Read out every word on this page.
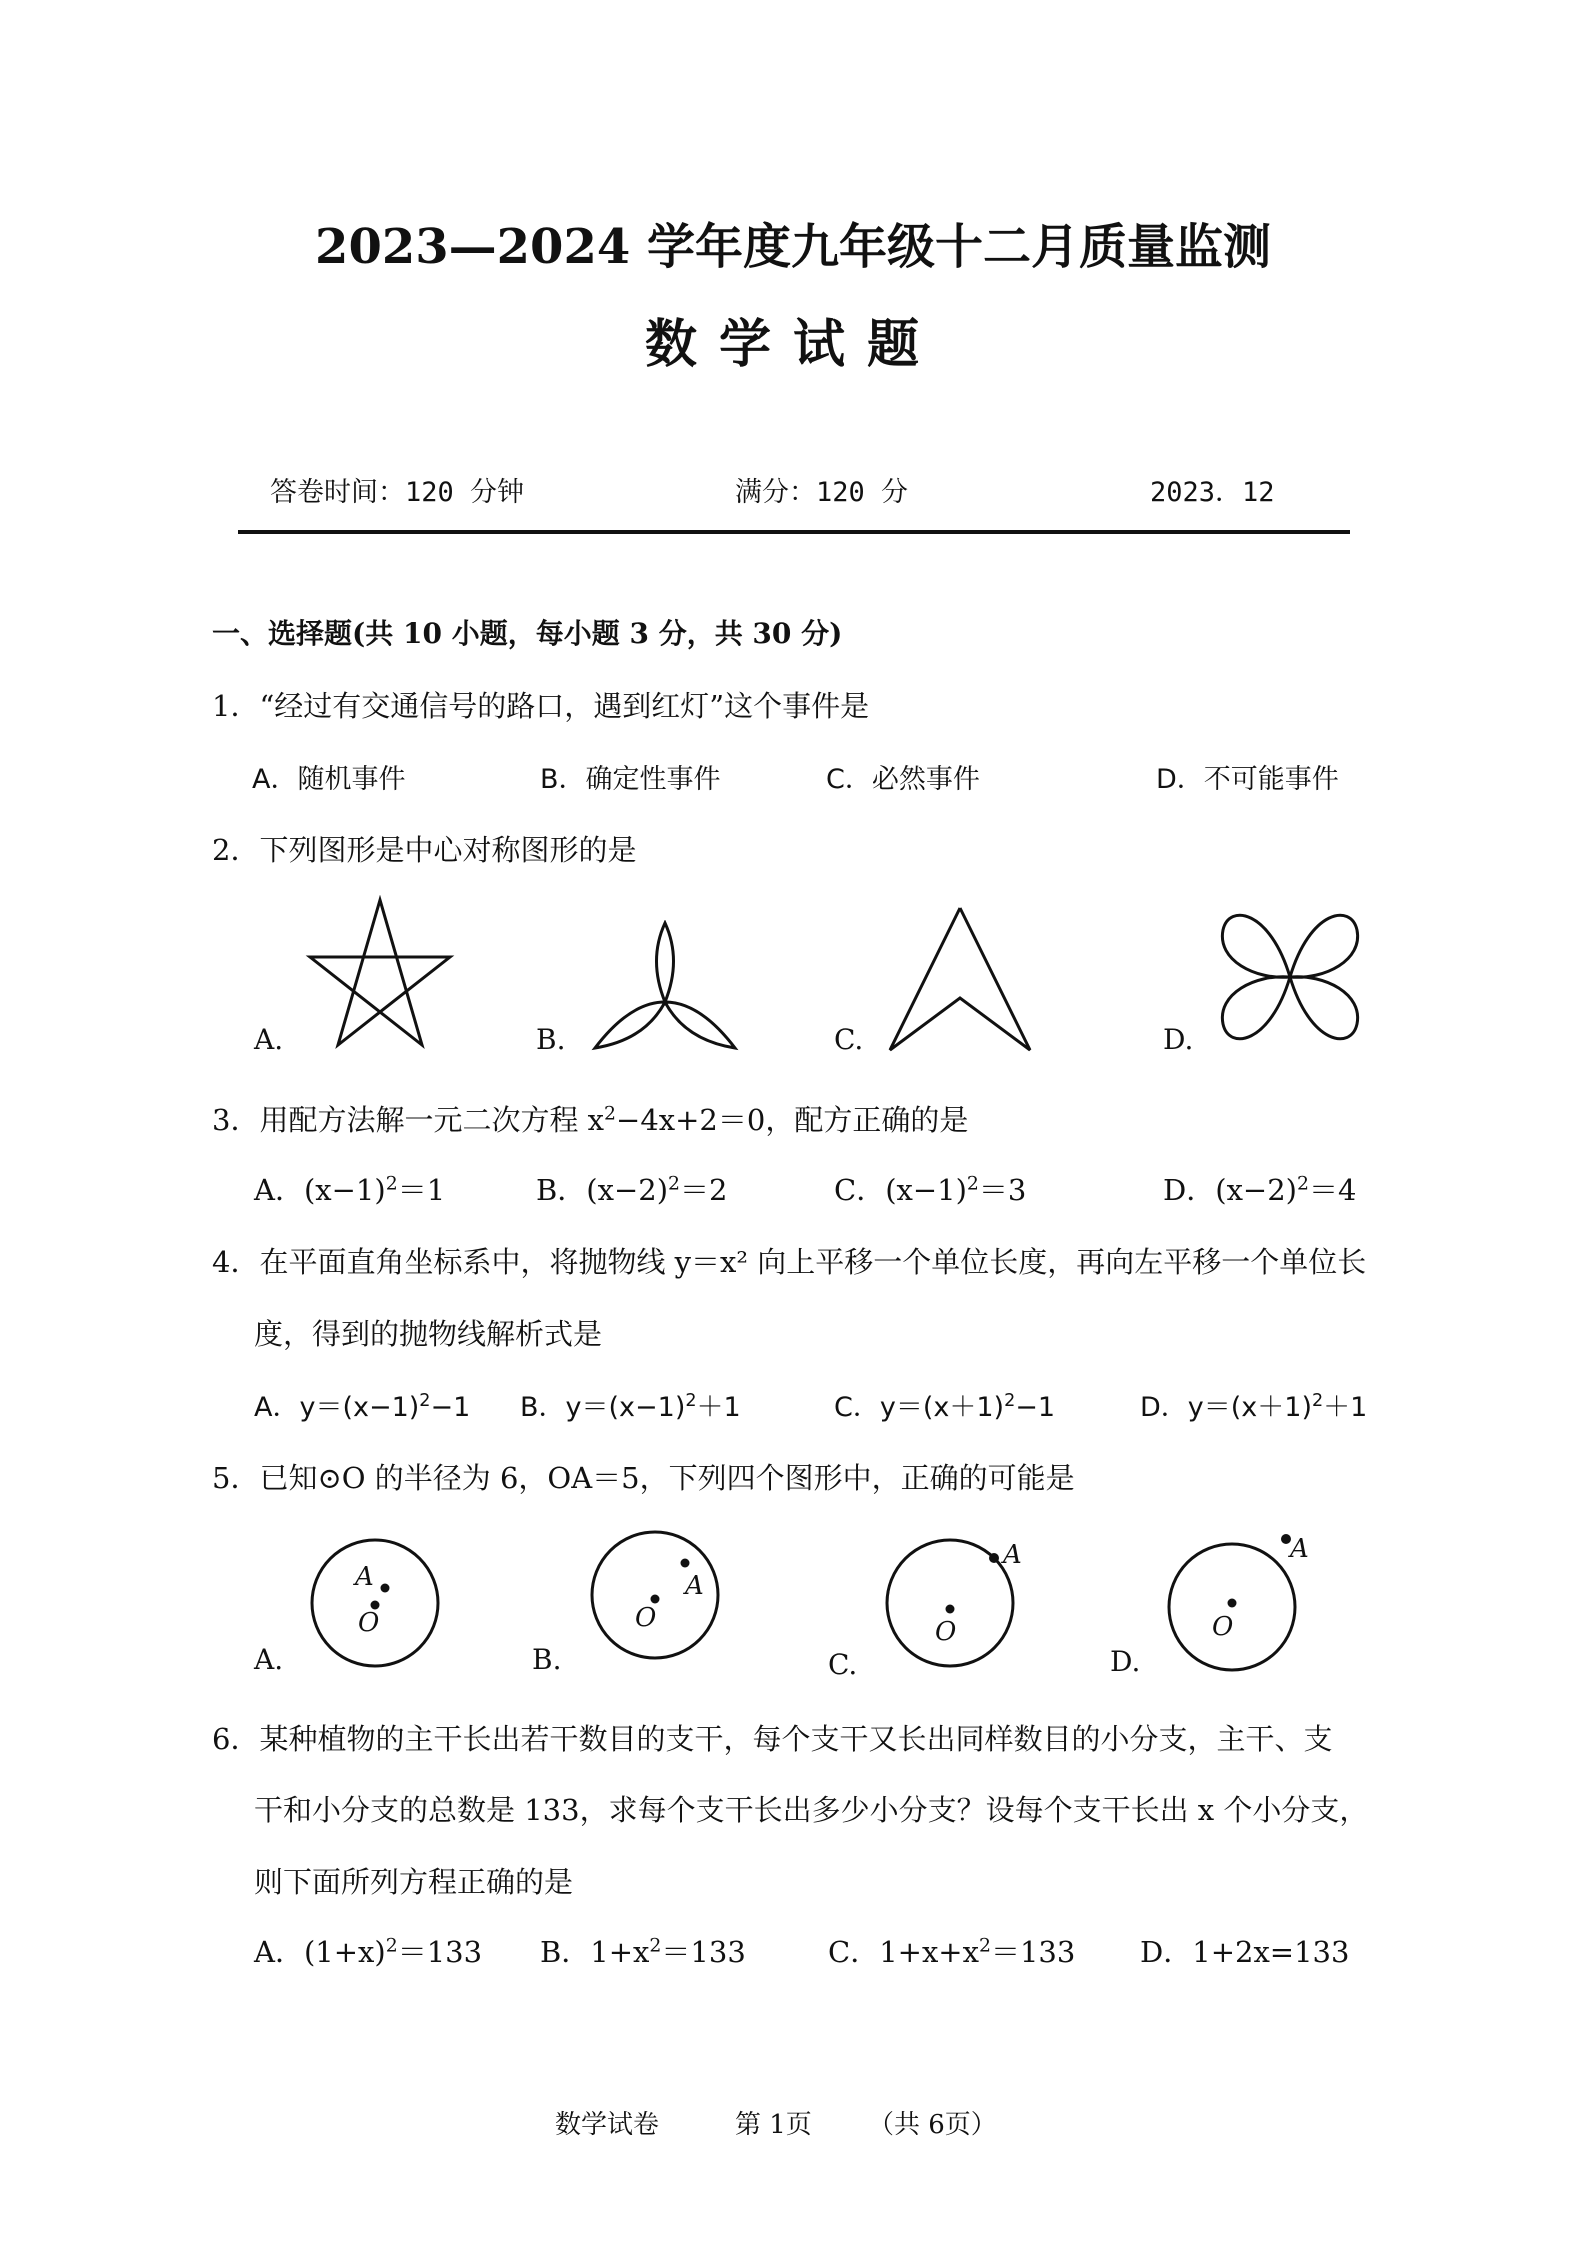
2023—2024 学年度九年级十二月质量监测
数学试题
答卷时间：120 分钟	满分：120 分	2023．12
一、选择题(共 10 小题，每小题 3 分，共 30 分)
1．“经过有交通信号的路口，遇到红灯”这个事件是
A．随机事件	B．确定性事件	C．必然事件	D．不可能事件
2．下列图形是中心对称图形的是
A.	B.	C.	D.
3．用配方法解一元二次方程 $x^2-4x+2=0$，配方正确的是
A．$(x-1)^2=1$	B．$(x-2)^2=2$	C．$(x-1)^2=3$	D．$(x-2)^2=4$
4．在平面直角坐标系中，将抛物线 y＝x² 向上平移一个单位长度，再向左平移一个单位长
度，得到的抛物线解析式是
A．$y=(x-1)^2-1$ B．$y=(x-1)^2+1$	C．$y=(x+1)^2-1$	D．$y=(x+1)^2+1$
5．已知⊙O 的半径为 6，OA＝5，下列四个图形中，正确的可能是
A
O
A
O
A
O
A
O
A.	B.	C.	D.
6．某种植物的主干长出若干数目的支干，每个支干又长出同样数目的小分支，主干、支
干和小分支的总数是 133，求每个支干长出多少小分支？设每个支干长出 x 个小分支，
则下面所列方程正确的是
A．$(1+x)^2=133$ B．$1+x^2=133$	C．$1+x+x^2=133$ D．1+2x=133
数学试卷	第 1页 （共 6页）
